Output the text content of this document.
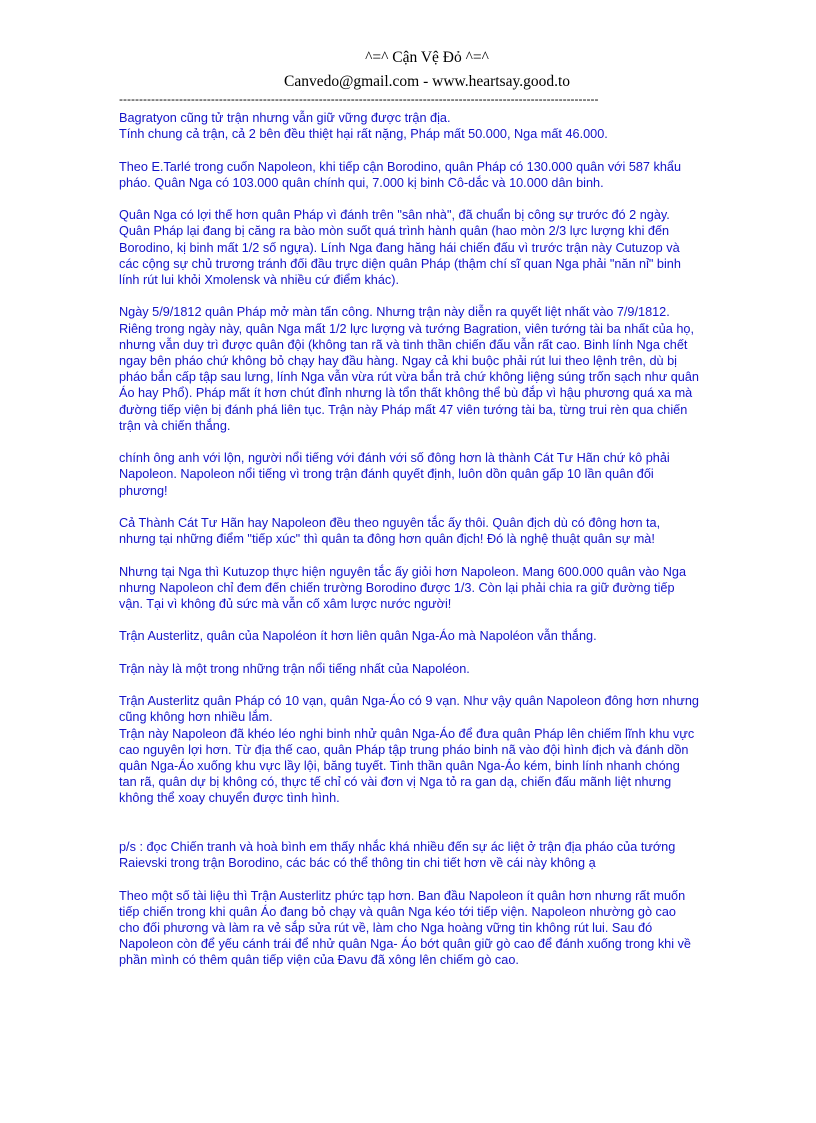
^=^ Cận Vệ Đỏ ^=^
Canvedo@gmail.com - www.heartsay.good.to
------------------------------------------------------------------------------------------------------------------------

Bagratyon cũng tử trận nhưng vẫn giữ vững được trận địa.

Tính chung cả trận, cả 2 bên đều thiệt hại rất nặng, Pháp mất 50.000, Nga mất 46.000.

Theo E.Tarlé trong cuốn Napoleon, khi tiếp cận Borodino, quân Pháp có 130.000 quân với 587 khẩu pháo. Quân Nga có 103.000 quân chính qui, 7.000 kị binh Cô-dắc và 10.000 dân binh.

Quân Nga có lợi thế hơn quân Pháp vì đánh trên "sân nhà", đã chuẩn bị công sự trước đó 2 ngày. Quân Pháp lại đang bị căng ra bào mòn suốt quá trình hành quân (hao mòn 2/3 lực lượng khi đến Borodino, kị binh mất 1/2 số ngựa). Lính Nga đang hăng hái chiến đấu vì trước trận này Cutuzop và các cộng sự chủ trương tránh đối đầu trực diện quân Pháp (thậm chí sĩ quan Nga phải "năn nỉ" binh lính rút lui khỏi Xmolensk và nhiều cứ điểm khác).

Ngày 5/9/1812 quân Pháp mở màn tấn công. Nhưng trận này diễn ra quyết liệt nhất vào 7/9/1812. Riêng trong ngày này, quân Nga mất 1/2 lực lượng và tướng Bagration, viên tướng tài ba nhất của họ, nhưng vẫn duy trì được quân đội (không tan rã và tinh thần chiến đấu vẫn rất cao. Binh lính Nga chết ngay bên pháo chứ không bỏ chạy hay đầu hàng. Ngay cả khi buộc phải rút lui theo lệnh trên, dù bị pháo bắn cấp tập sau lưng, lính Nga vẫn vừa rút vừa bắn trả chứ không liệng súng trốn sạch như quân Áo hay Phổ). Pháp mất ít hơn chút đỉnh nhưng là tổn thất không thể bù đắp vì hậu phương quá xa mà đường tiếp viện bị đánh phá liên tục. Trận này Pháp mất 47 viên tướng tài ba, từng trui rèn qua chiến trận và chiến thắng.

chính ông anh với lộn, người nổi tiếng với đánh với số đông hơn là thành Cát Tư Hãn chứ kô phải Napoleon. Napoleon nổi tiếng vì trong trận đánh quyết định, luôn dồn quân gấp 10 lần quân đối phương!

Cả Thành Cát Tư Hãn hay Napoleon đều theo nguyên tắc ấy thôi. Quân địch dù có đông hơn ta, nhưng tại những điểm "tiếp xúc" thì quân ta đông hơn quân địch! Đó là nghệ thuật quân sự mà!

Nhưng tại Nga thì Kutuzop thực hiện nguyên tắc ấy giỏi hơn Napoleon. Mang 600.000 quân vào Nga nhưng Napoleon chỉ đem đến chiến trường Borodino được 1/3. Còn lại phải chia ra giữ đường tiếp vận. Tại vì không đủ sức mà vẫn cố xâm lược nước người!

Trận Austerlitz, quân của Napoléon ít hơn liên quân Nga-Áo mà Napoléon vẫn thắng.

Trận này là một trong những trận nổi tiếng nhất của Napoléon.

Trận Austerlitz quân Pháp có 10 vạn, quân Nga-Áo có 9 vạn. Như vậy quân Napoleon đông hơn nhưng cũng không hơn nhiều lắm.

Trận này Napoleon đã khéo léo nghi binh nhử quân Nga-Áo để đưa quân Pháp lên chiếm lĩnh khu vực cao nguyên lợi hơn. Từ địa thế cao, quân Pháp tập trung pháo binh nã vào đội hình địch và đánh dồn quân Nga-Áo xuống khu vực lầy lội, băng tuyết. Tinh thần quân Nga-Áo kém, binh lính nhanh chóng tan rã, quân dự bị không có, thực tế chỉ có vài đơn vị Nga tỏ ra gan dạ, chiến đấu mãnh liệt nhưng không thể xoay chuyển được tình hình.

p/s : đọc Chiến tranh và hoà bình em thấy nhắc khá nhiều đến sự ác liệt ở trận địa pháo của tướng Raievski trong trận Borodino, các bác có thể thông tin chi tiết hơn về cái này không ạ

Theo một số tài liệu thì Trận Austerlitz phức tạp hơn. Ban đầu Napoleon ít quân hơn nhưng rất muốn tiếp chiến trong khi quân Áo đang bỏ chạy và quân Nga kéo tới tiếp viện. Napoleon nhường gò cao cho đối phương và làm ra vẻ sắp sửa rút về, làm cho Nga hoàng vững tin không rút lui. Sau đó Napoleon còn để yếu cánh trái để nhử quân Nga- Áo bớt quân giữ gò cao để đánh xuống trong khi về phần mình có thêm quân tiếp viện của Đavu đã xông lên chiếm gò cao.
